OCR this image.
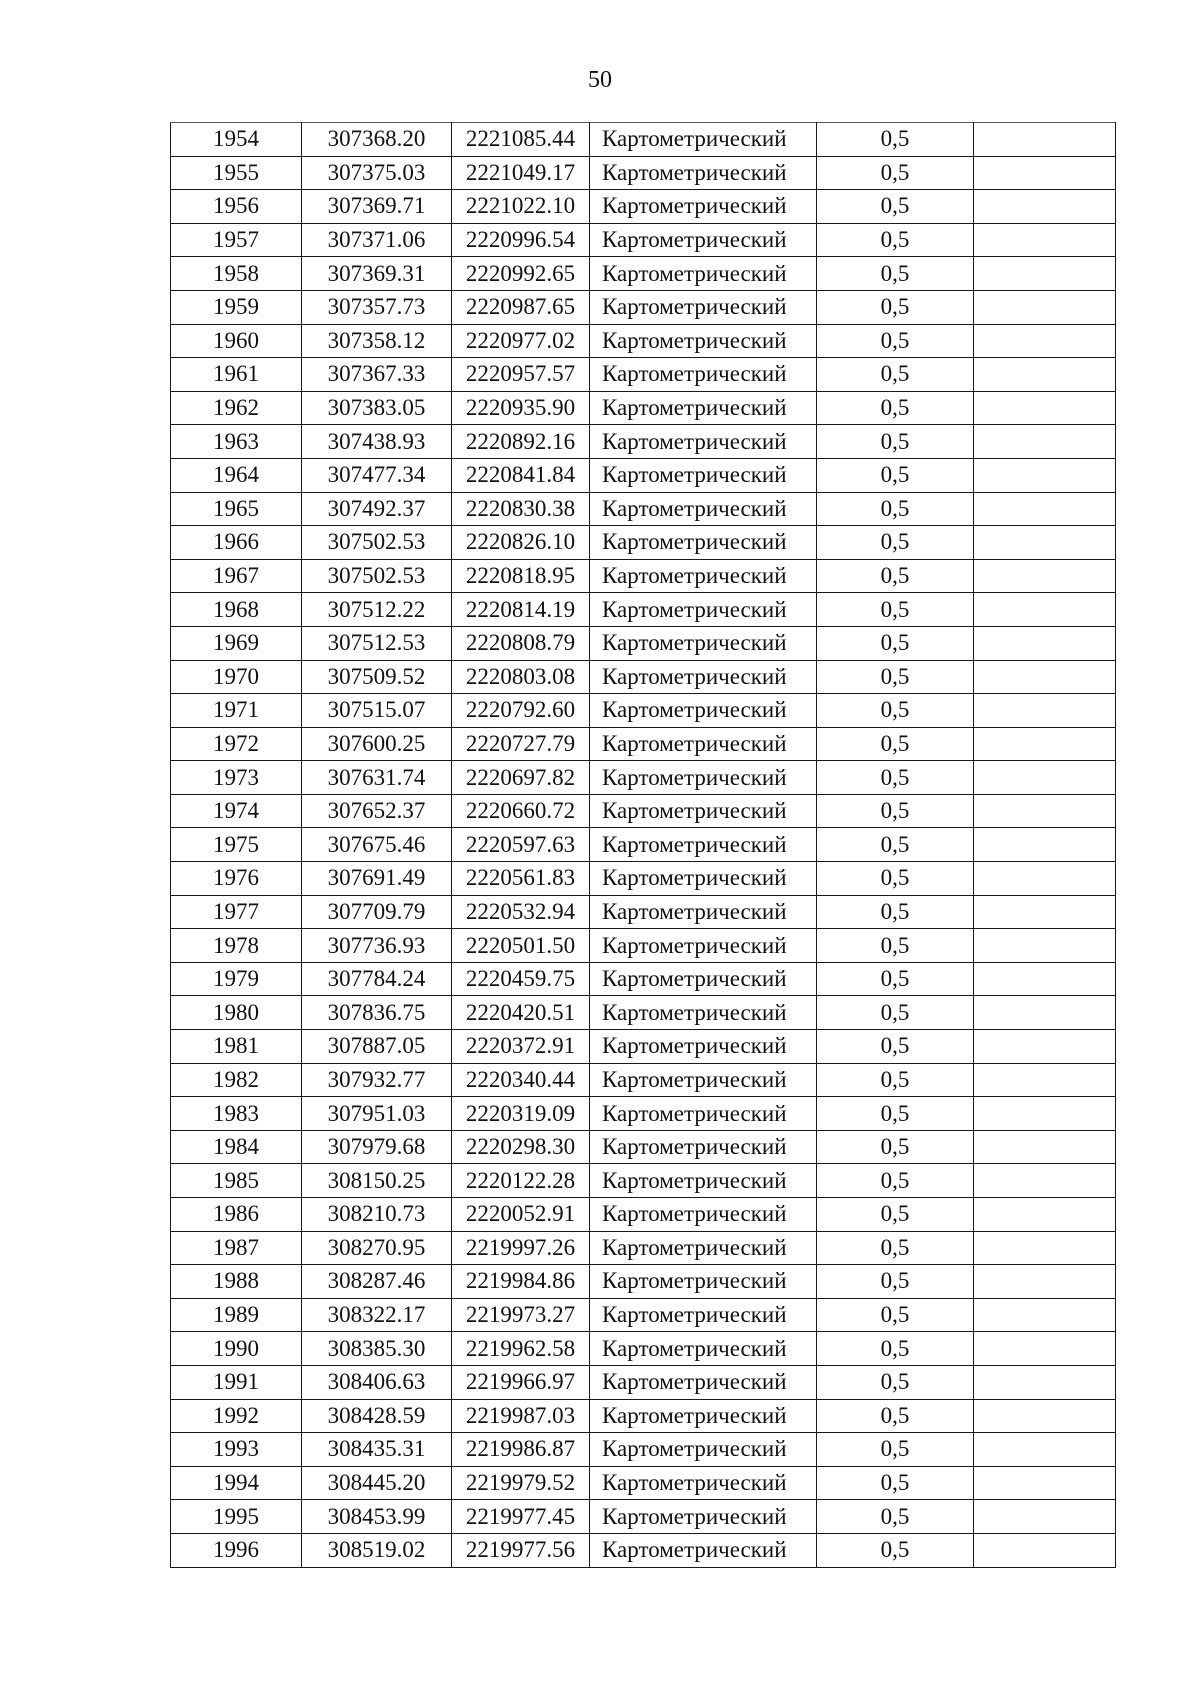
50
1954	307368.20	2221085.44	Картометрический	0,5	
1955	307375.03	2221049.17	Картометрический	0,5	
1956	307369.71	2221022.10	Картометрический	0,5	
1957	307371.06	2220996.54	Картометрический	0,5	
1958	307369.31	2220992.65	Картометрический	0,5	
1959	307357.73	2220987.65	Картометрический	0,5	
1960	307358.12	2220977.02	Картометрический	0,5	
1961	307367.33	2220957.57	Картометрический	0,5	
1962	307383.05	2220935.90	Картометрический	0,5	
1963	307438.93	2220892.16	Картометрический	0,5	
1964	307477.34	2220841.84	Картометрический	0,5	
1965	307492.37	2220830.38	Картометрический	0,5	
1966	307502.53	2220826.10	Картометрический	0,5	
1967	307502.53	2220818.95	Картометрический	0,5	
1968	307512.22	2220814.19	Картометрический	0,5	
1969	307512.53	2220808.79	Картометрический	0,5	
1970	307509.52	2220803.08	Картометрический	0,5	
1971	307515.07	2220792.60	Картометрический	0,5	
1972	307600.25	2220727.79	Картометрический	0,5	
1973	307631.74	2220697.82	Картометрический	0,5	
1974	307652.37	2220660.72	Картометрический	0,5	
1975	307675.46	2220597.63	Картометрический	0,5	
1976	307691.49	2220561.83	Картометрический	0,5	
1977	307709.79	2220532.94	Картометрический	0,5	
1978	307736.93	2220501.50	Картометрический	0,5	
1979	307784.24	2220459.75	Картометрический	0,5	
1980	307836.75	2220420.51	Картометрический	0,5	
1981	307887.05	2220372.91	Картометрический	0,5	
1982	307932.77	2220340.44	Картометрический	0,5	
1983	307951.03	2220319.09	Картометрический	0,5	
1984	307979.68	2220298.30	Картометрический	0,5	
1985	308150.25	2220122.28	Картометрический	0,5	
1986	308210.73	2220052.91	Картометрический	0,5	
1987	308270.95	2219997.26	Картометрический	0,5	
1988	308287.46	2219984.86	Картометрический	0,5	
1989	308322.17	2219973.27	Картометрический	0,5	
1990	308385.30	2219962.58	Картометрический	0,5	
1991	308406.63	2219966.97	Картометрический	0,5	
1992	308428.59	2219987.03	Картометрический	0,5	
1993	308435.31	2219986.87	Картометрический	0,5	
1994	308445.20	2219979.52	Картометрический	0,5	
1995	308453.99	2219977.45	Картометрический	0,5	
1996	308519.02	2219977.56	Картометрический	0,5	
